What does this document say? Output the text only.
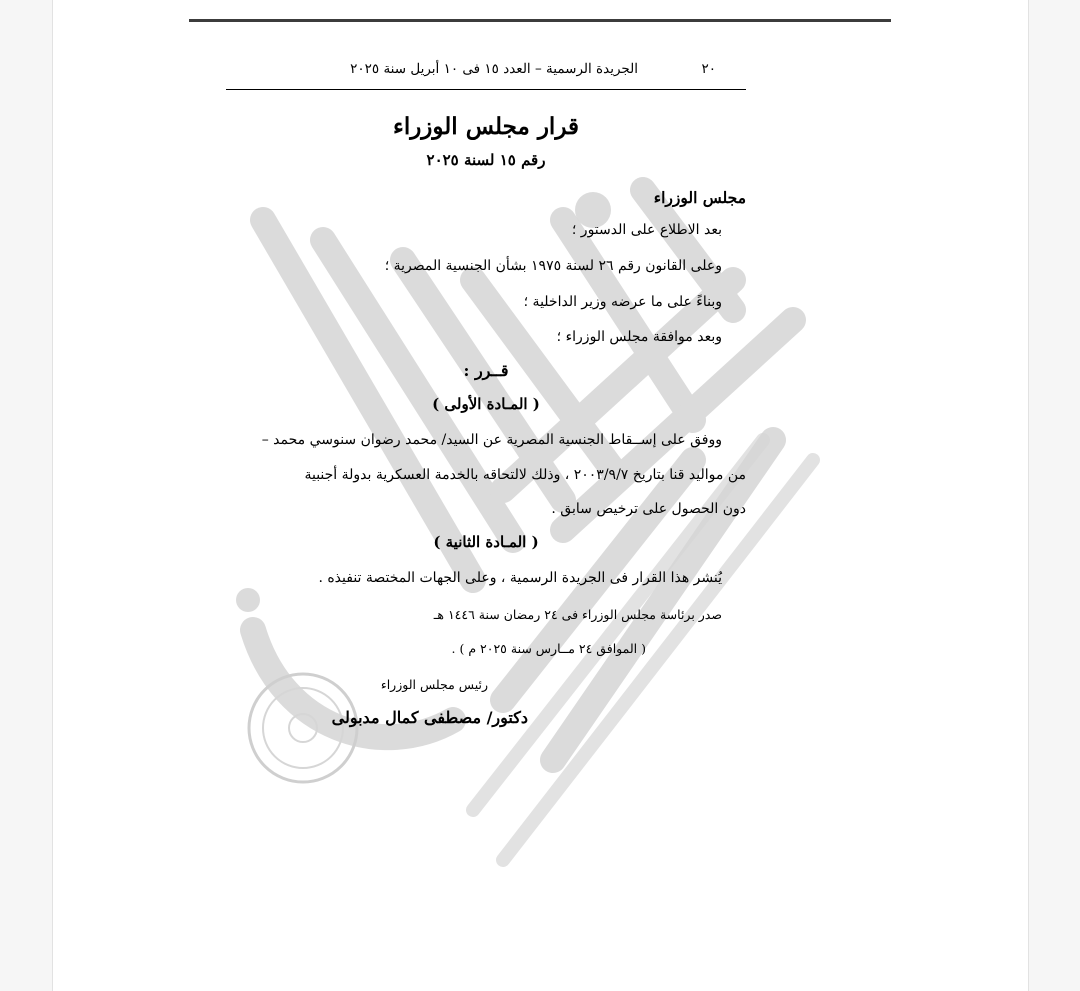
٢٠
الجريدة الرسمية – العدد ١٥ فى ١٠ أبريل سنة ٢٠٢٥
قرار مجلس الوزراء
رقم ١٥ لسنة ٢٠٢٥
مجلس الوزراء
بعد الاطلاع على الدستور ؛
وعلى القانون رقم ٢٦ لسنة ١٩٧٥ بشأن الجنسية المصرية ؛
وبناءً على ما عرضه وزير الداخلية ؛
وبعد موافقة مجلس الوزراء ؛
قــرر :
( المـادة الأولى )
ووفق على إســقاط الجنسية المصرية عن السيد/ محمد رضوان سنوسي محمد –
من مواليد قنا بتاريخ ٢٠٠٣/٩/٧ ، وذلك لالتحاقه بالخدمة العسكرية بدولة أجنبية
دون الحصول على ترخيص سابق .
( المـادة الثانية )
يُنشر هذا القرار فى الجريدة الرسمية ، وعلى الجهات المختصة تنفيذه .
صدر برئاسة مجلس الوزراء فى ٢٤ رمضان سنة ١٤٤٦ هـ
( الموافق ٢٤ مــارس سنة ٢٠٢٥ م ) .
رئيس مجلس الوزراء
دكتور/ مصطفى كمال مدبولى
